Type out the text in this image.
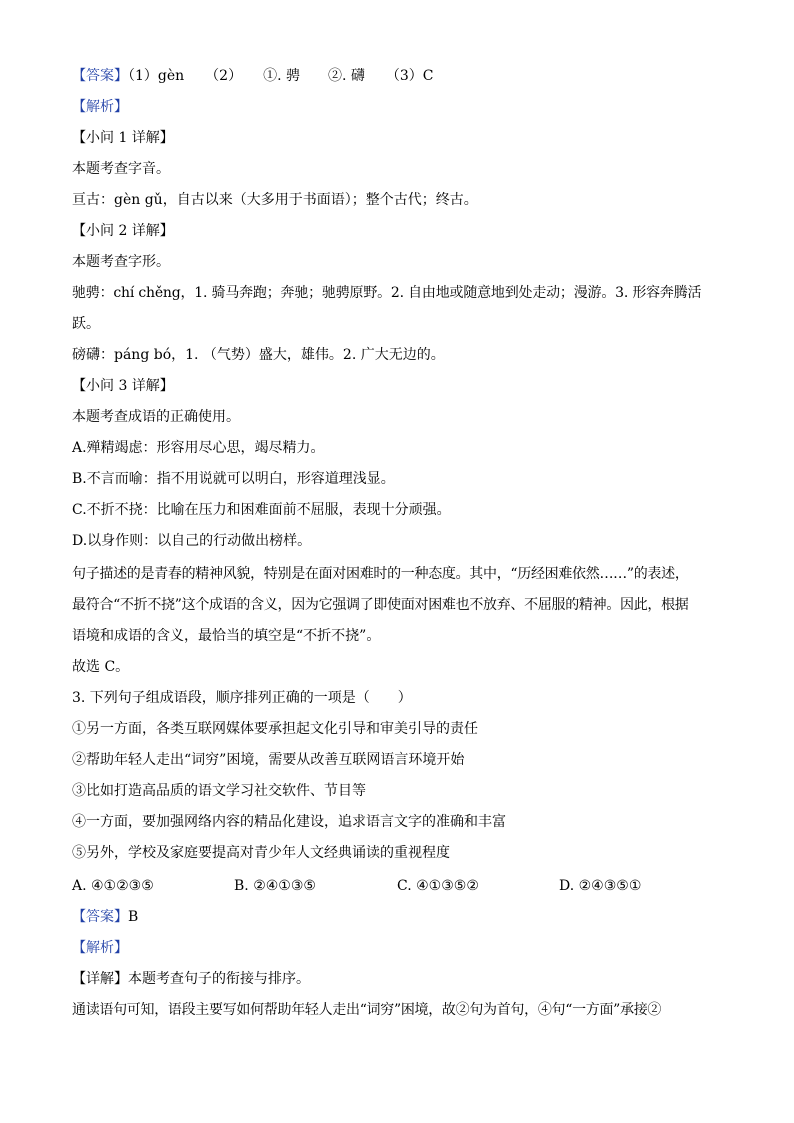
【答案】（1）gèn　　（2）　　①. 骋　　②. 礴　　（3）C
【解析】
【小问 1 详解】
本题考查字音。
亘古：gèn gǔ，自古以来（大多用于书面语）；整个古代；终古。
【小问 2 详解】
本题考查字形。
驰骋：chí chěng，1. 骑马奔跑；奔驰；驰骋原野。2. 自由地或随意地到处走动；漫游。3. 形容奔腾活
跃。
磅礴：páng bó，1. （气势）盛大，雄伟。2. 广大无边的。
【小问 3 详解】
本题考查成语的正确使用。
A.殚精竭虑：形容用尽心思，竭尽精力。
B.不言而喻：指不用说就可以明白，形容道理浅显。
C.不折不挠：比喻在压力和困难面前不屈服，表现十分顽强。
D.以身作则：以自己的行动做出榜样。
句子描述的是青春的精神风貌，特别是在面对困难时的一种态度。其中，“历经困难依然……”的表述，
最符合“不折不挠”这个成语的含义，因为它强调了即使面对困难也不放弃、不屈服的精神。因此，根据
语境和成语的含义，最恰当的填空是“不折不挠”。
故选 C。
3. 下列句子组成语段，顺序排列正确的一项是（　　）
①另一方面，各类互联网媒体要承担起文化引导和审美引导的责任
②帮助年轻人走出“词穷”困境，需要从改善互联网语言环境开始
③比如打造高品质的语文学习社交软件、节目等
④一方面，要加强网络内容的精品化建设，追求语言文字的准确和丰富
⑤另外，学校及家庭要提高对青少年人文经典诵读的重视程度
A. ④①②③⑤	B. ②④①③⑤	C. ④①③⑤②	D. ②④③⑤①
【答案】B
【解析】
【详解】本题考查句子的衔接与排序。
通读语句可知，语段主要写如何帮助年轻人走出“词穷”困境，故②句为首句，④句“一方面”承接②
